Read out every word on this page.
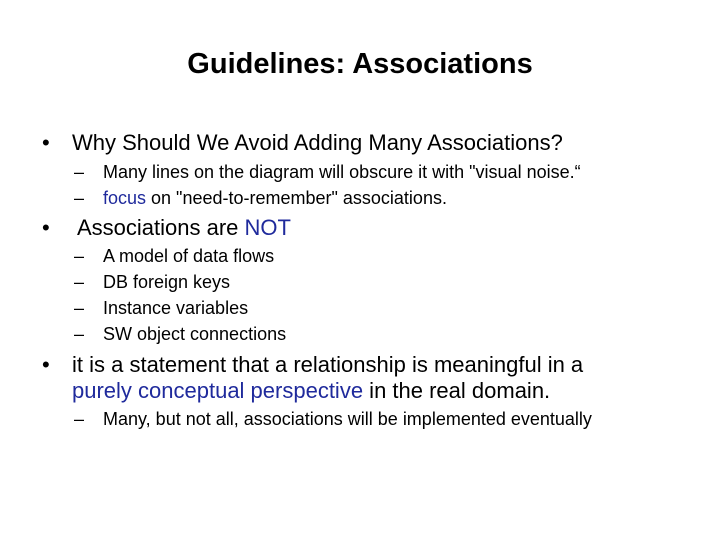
Guidelines: Associations
• Why Should We Avoid Adding Many Associations?
– Many lines on the diagram will obscure it with "visual noise.“
– focus on "need-to-remember" associations.
• Associations are NOT
– A model of data flows
– DB foreign keys
– Instance variables
– SW object connections
• it is a statement that a relationship is meaningful in a
purely conceptual perspective in the real domain.
– Many, but not all, associations will be implemented eventually
